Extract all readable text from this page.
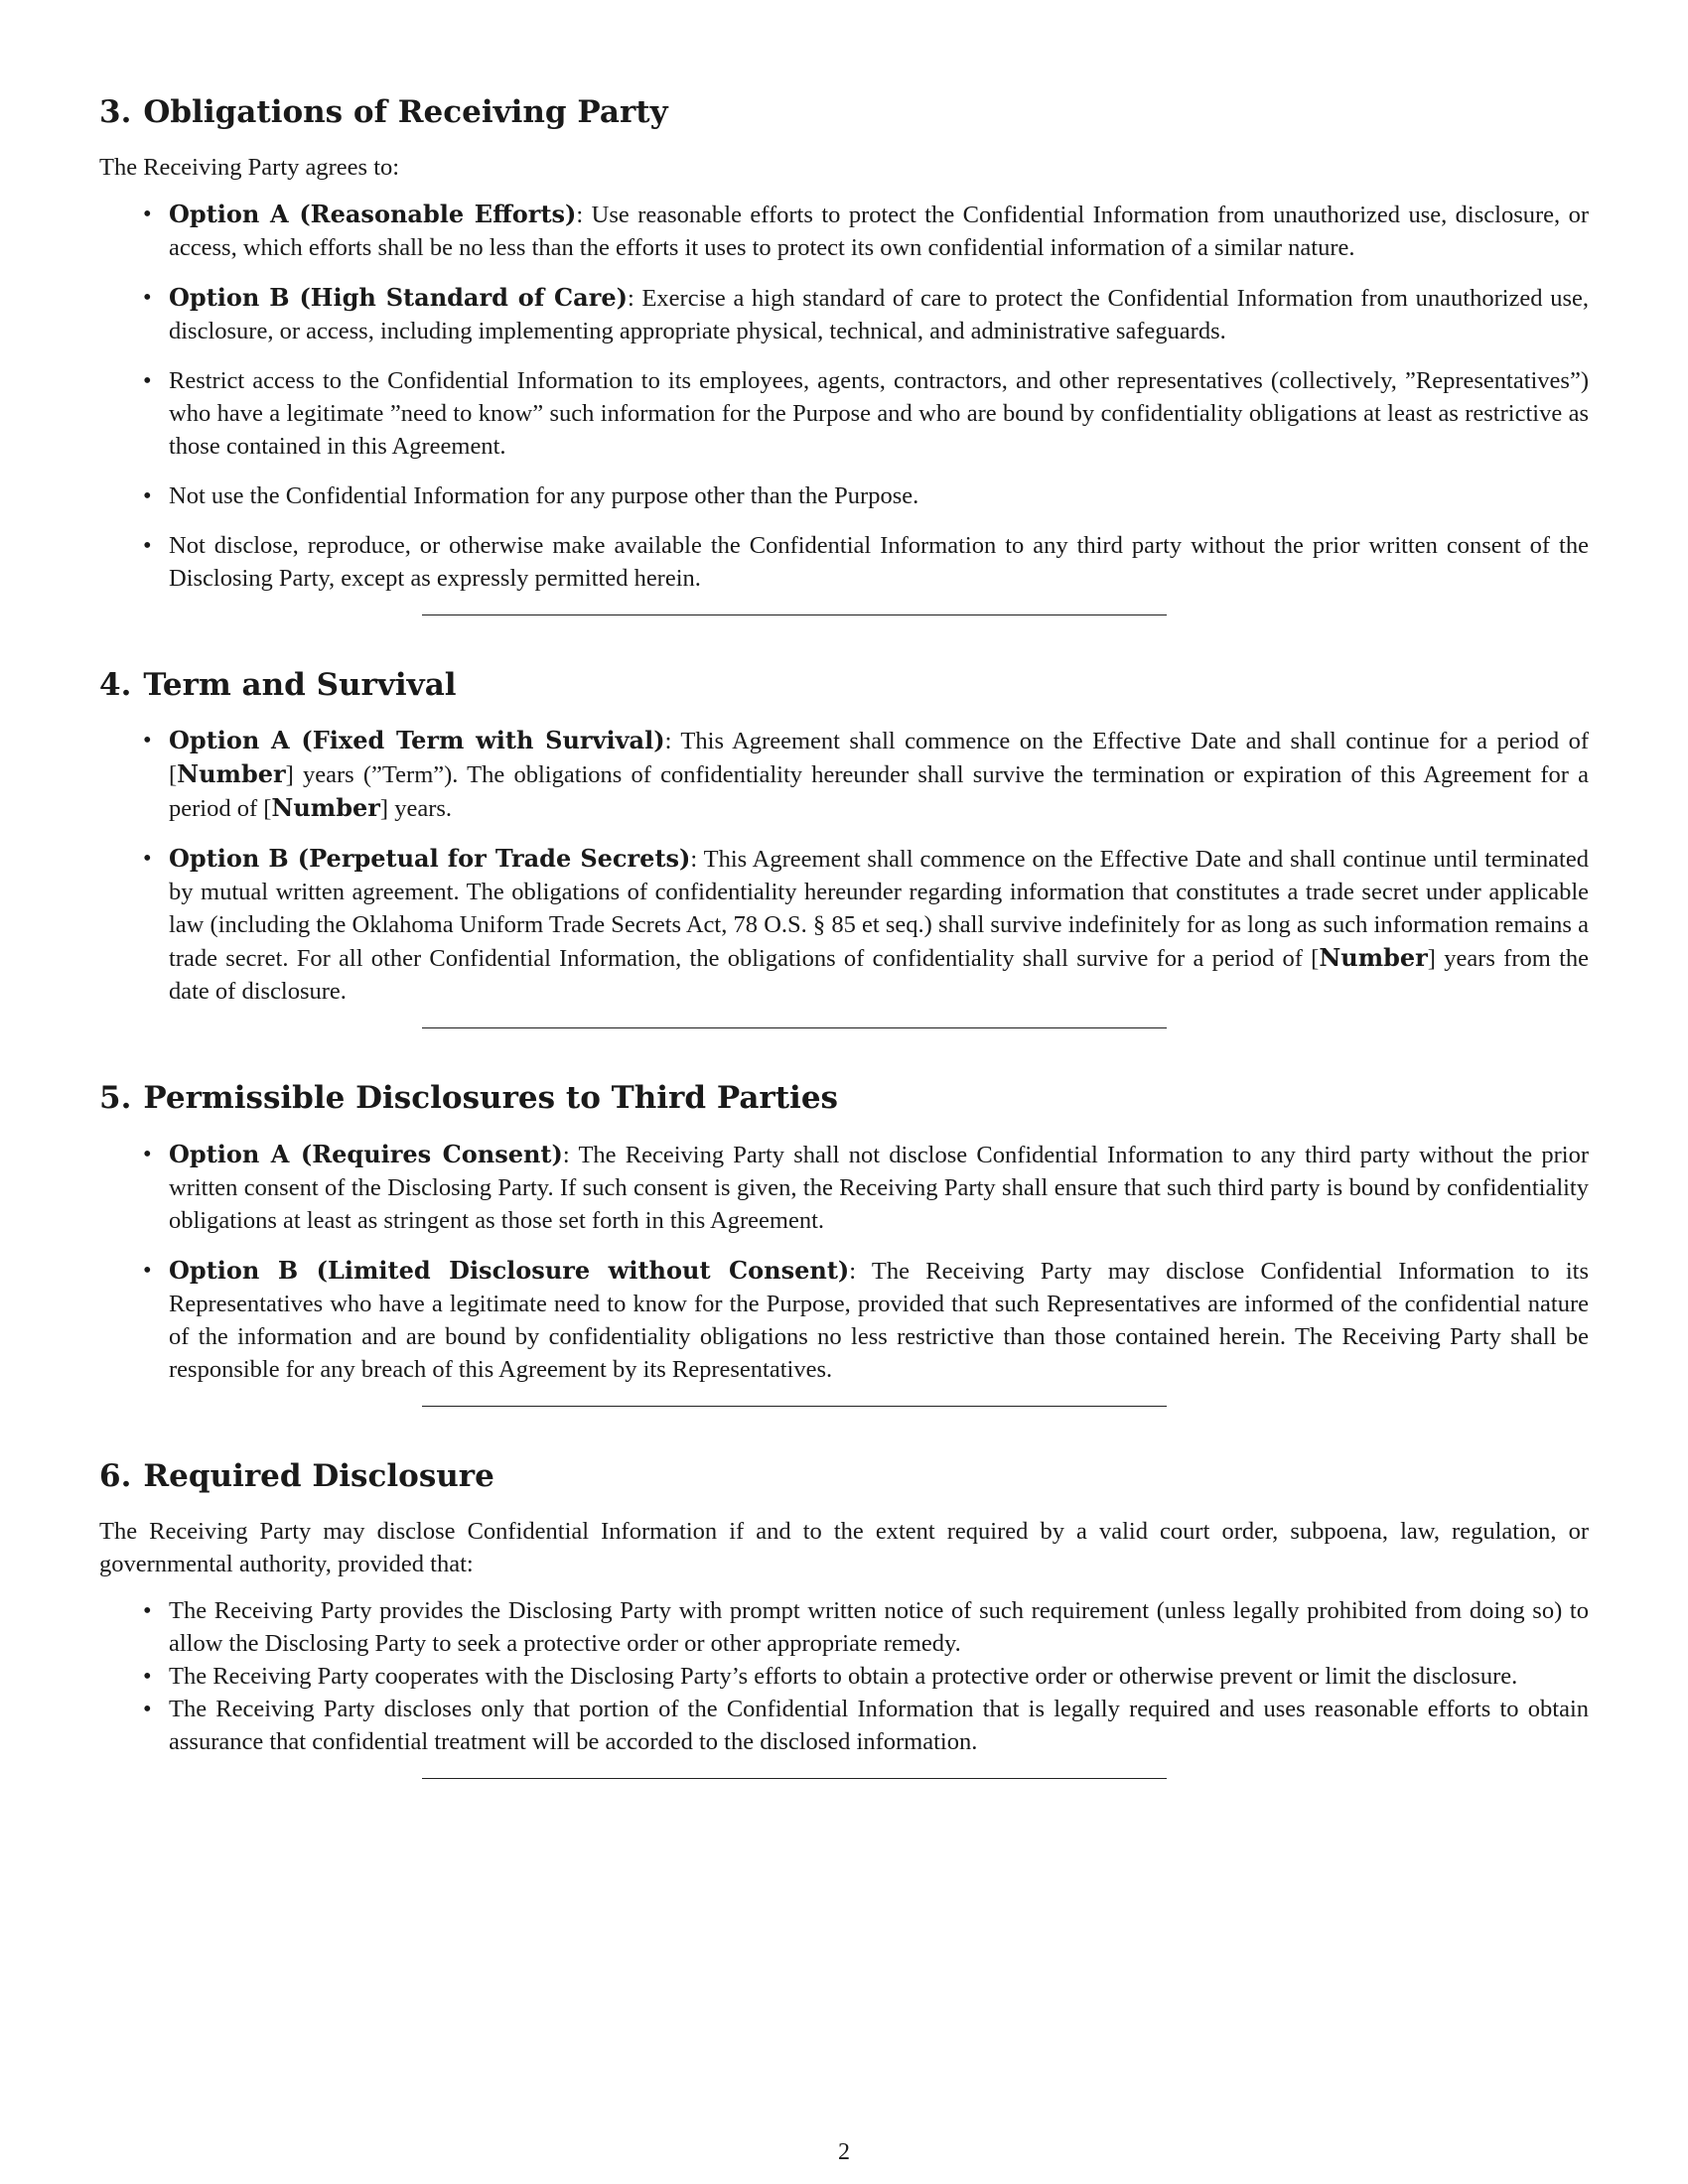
3. Obligations of Receiving Party

The Receiving Party agrees to:

• Option A (Reasonable Efforts): Use reasonable efforts to protect the Confidential Information from unauthorized use, disclosure, or access, which efforts shall be no less than the efforts it uses to protect its own confidential information of a similar nature.
• Option B (High Standard of Care): Exercise a high standard of care to protect the Confidential Information from unauthorized use, disclosure, or access, including implementing appropriate physical, technical, and administrative safeguards.
• Restrict access to the Confidential Information to its employees, agents, contractors, and other representatives (collectively, ”Representatives”) who have a legitimate ”need to know” such information for the Purpose and who are bound by confidentiality obligations at least as restrictive as those contained in this Agreement.
• Not use the Confidential Information for any purpose other than the Purpose.
• Not disclose, reproduce, or otherwise make available the Confidential Information to any third party without the prior written consent of the Disclosing Party, except as expressly permitted herein.
4. Term and Survival
• Option A (Fixed Term with Survival): This Agreement shall commence on the Effective Date and shall continue for a period of [Number] years (”Term”). The obligations of confidentiality hereunder shall survive the termination or expiration of this Agreement for a period of [Number] years.
• Option B (Perpetual for Trade Secrets): This Agreement shall commence on the Effective Date and shall continue until terminated by mutual written agreement. The obligations of confidentiality hereunder regarding information that constitutes a trade secret under applicable law (including the Oklahoma Uniform Trade Secrets Act, 78 O.S. § 85 et seq.) shall survive indefinitely for as long as such information remains a trade secret. For all other Confidential Information, the obligations of confidentiality shall survive for a period of [Number] years from the date of disclosure.
5. Permissible Disclosures to Third Parties
• Option A (Requires Consent): The Receiving Party shall not disclose Confidential Information to any third party without the prior written consent of the Disclosing Party. If such consent is given, the Receiving Party shall ensure that such third party is bound by confidentiality obligations at least as stringent as those set forth in this Agreement.
• Option B (Limited Disclosure without Consent): The Receiving Party may disclose Confidential Information to its Representatives who have a legitimate need to know for the Purpose, provided that such Representatives are informed of the confidential nature of the information and are bound by confidentiality obligations no less restrictive than those contained herein. The Receiving Party shall be responsible for any breach of this Agreement by its Representatives.
6. Required Disclosure

The Receiving Party may disclose Confidential Information if and to the extent required by a valid court order, subpoena, law, regulation, or governmental authority, provided that:

• The Receiving Party provides the Disclosing Party with prompt written notice of such requirement (unless legally prohibited from doing so) to allow the Disclosing Party to seek a protective order or other appropriate remedy.
• The Receiving Party cooperates with the Disclosing Party’s efforts to obtain a protective order or otherwise prevent or limit the disclosure.
• The Receiving Party discloses only that portion of the Confidential Information that is legally required and uses reasonable efforts to obtain assurance that confidential treatment will be accorded to the disclosed information.
2
